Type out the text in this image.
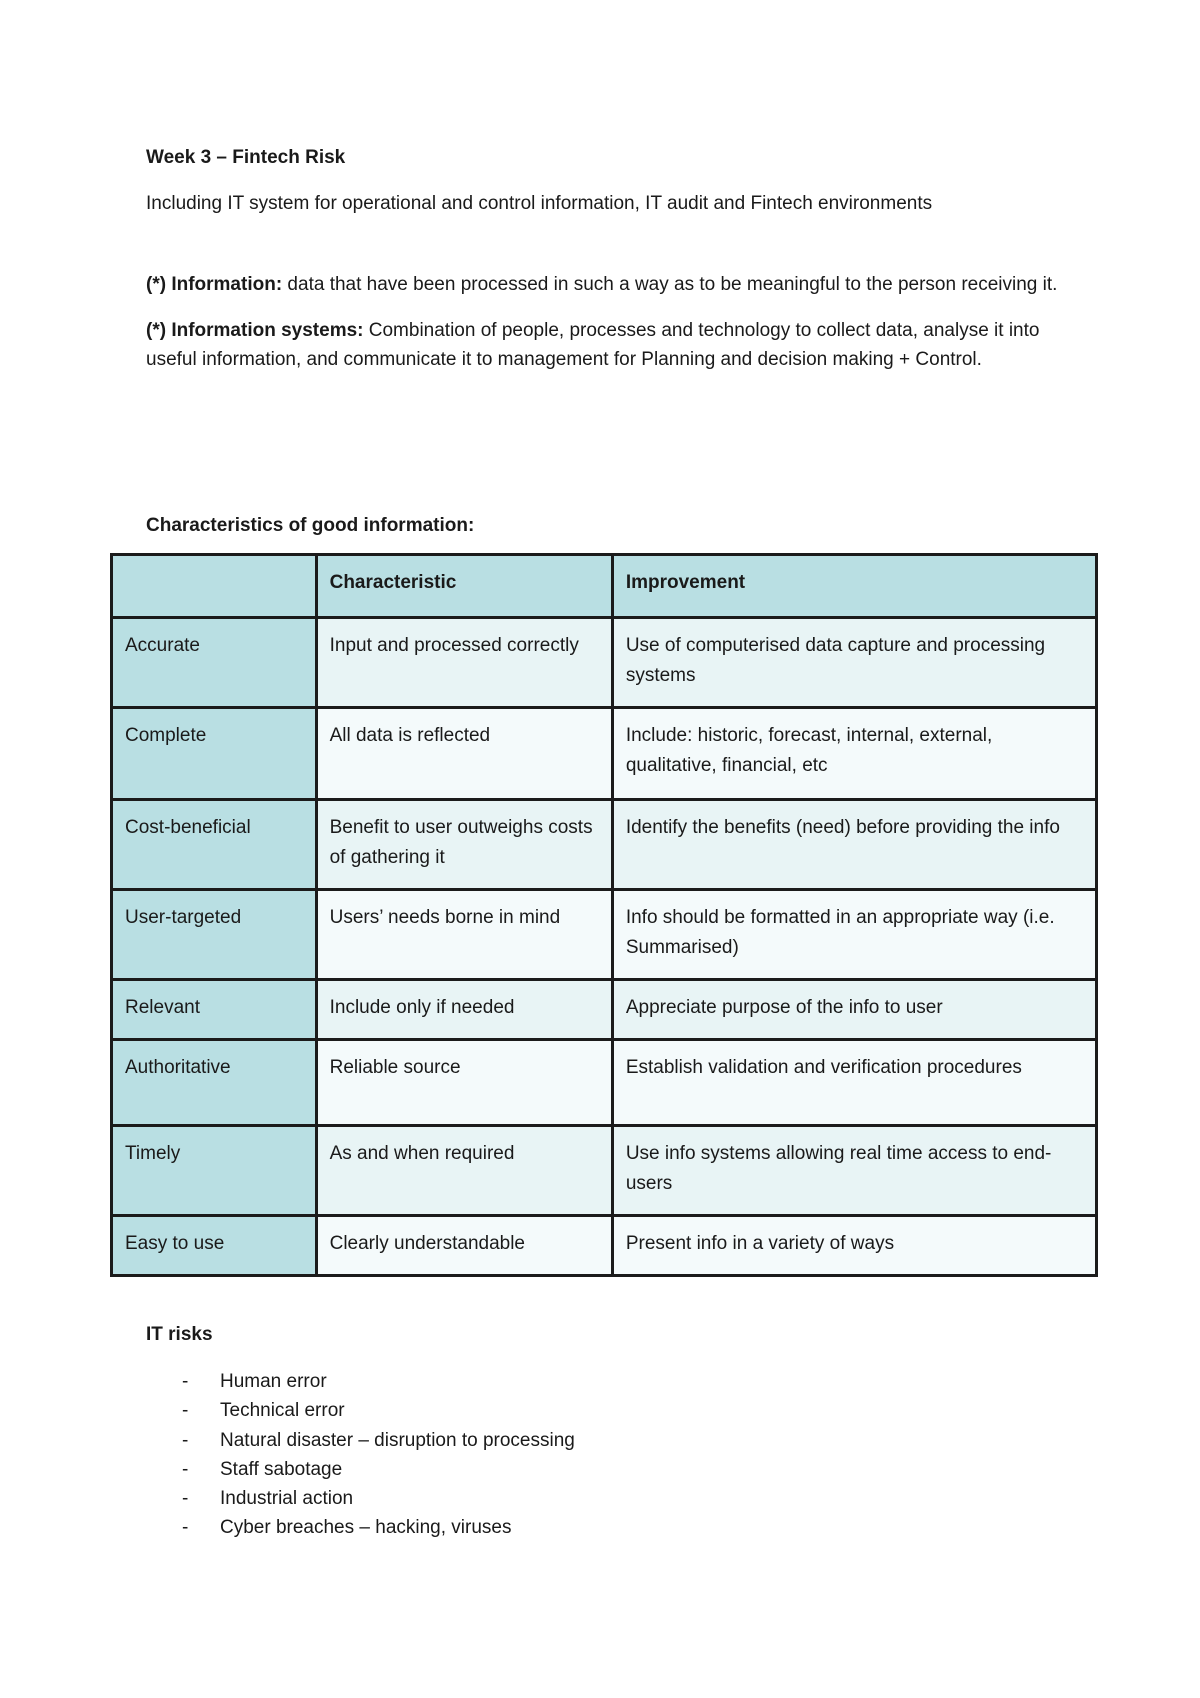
Week 3 – Fintech Risk

Including IT system for operational and control information, IT audit and Fintech environments

(*) Information: data that have been processed in such a way as to be meaningful to the person receiving it.

(*) Information systems: Combination of people, processes and technology to collect data, analyse it into useful information, and communicate it to management for Planning and decision making + Control.

Characteristics of good information:
	Characteristic	Improvement
Accurate	Input and processed correctly	Use of computerised data capture and processing systems
Complete	All data is reflected	Include: historic, forecast, internal, external, qualitative, financial, etc
Cost-beneficial	Benefit to user outweighs costs of gathering it	Identify the benefits (need) before providing the info
User-targeted	Users’ needs borne in mind	Info should be formatted in an appropriate way (i.e. Summarised)
Relevant	Include only if needed	Appreciate purpose of the info to user
Authoritative	Reliable source	Establish validation and verification procedures
Timely	As and when required	Use info systems allowing real time access to end-users
Easy to use	Clearly understandable	Present info in a variety of ways
IT risks
- Human error
- Technical error
- Natural disaster – disruption to processing
- Staff sabotage
- Industrial action
- Cyber breaches – hacking, viruses
